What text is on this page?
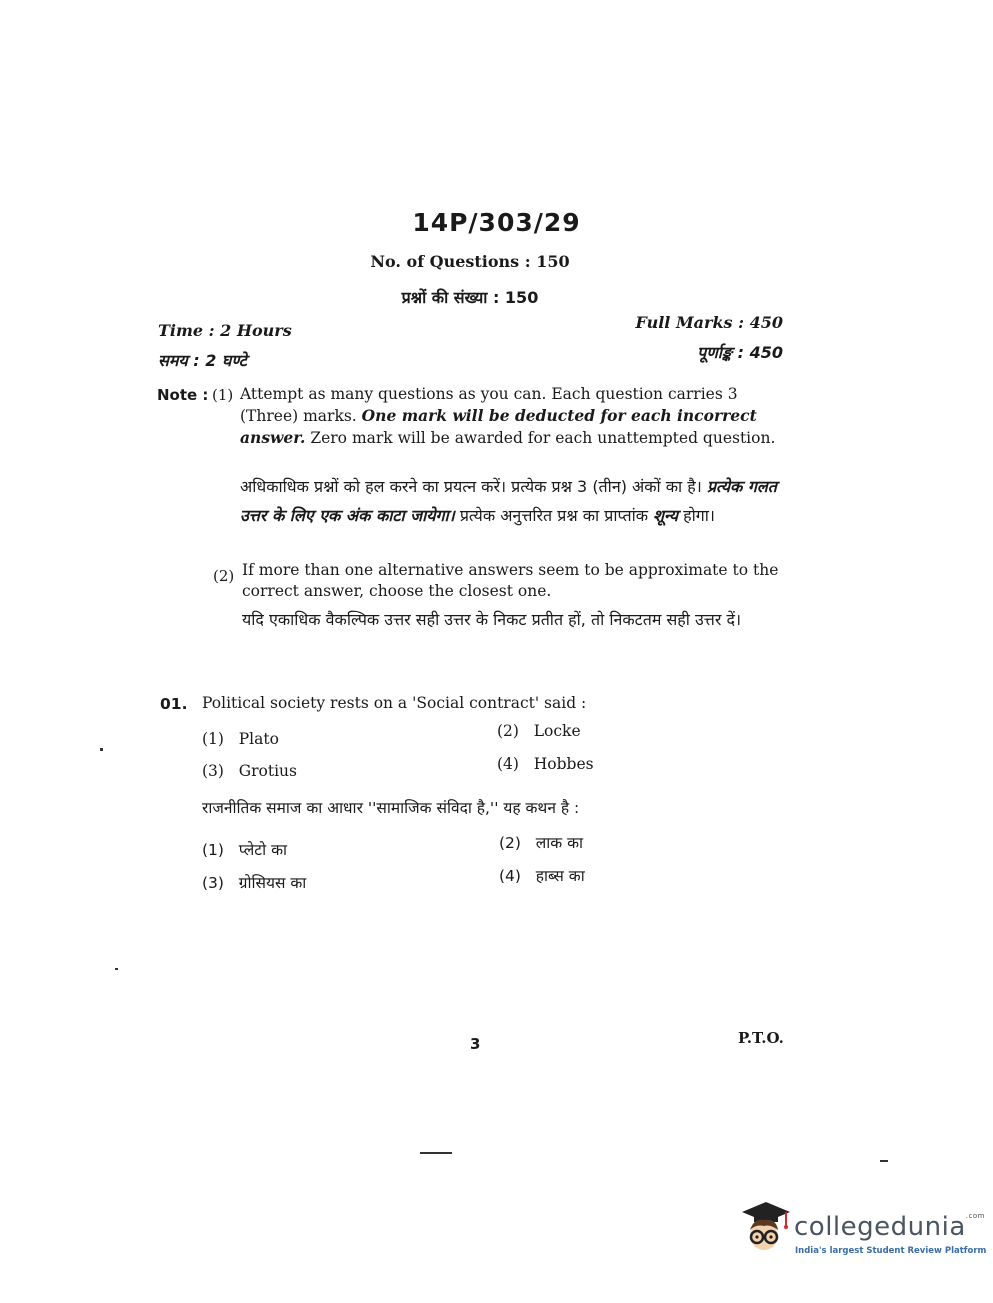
14P/303/29
No. of Questions : 150
प्रश्नों की संख्या : 150
Time : 2 Hours
समय : 2 घण्टे
Full Marks : 450
पूर्णाङ्क : 450
Note : (1) Attempt as many questions as you can. Each question carries 3 (Three) marks. One mark will be deducted for each incorrect answer. Zero mark will be awarded for each unattempted question.
अधिकाधिक प्रश्नों को हल करने का प्रयत्न करें। प्रत्येक प्रश्न 3 (तीन) अंकों का है। प्रत्येक गलत उत्तर के लिए एक अंक काटा जायेगा। प्रत्येक अनुत्तरित प्रश्न का प्राप्तांक शून्य होगा।
(2) If more than one alternative answers seem to be approximate to the correct answer, choose the closest one.
यदि एकाधिक वैकल्पिक उत्तर सही उत्तर के निकट प्रतीत हों, तो निकटतम सही उत्तर दें।
01. Political society rests on a 'Social contract' said :
(1) Plato	(2) Locke
(3) Grotius	(4) Hobbes
राजनीतिक समाज का आधार ''सामाजिक संविदा है,'' यह कथन है :
(1) प्लेटो का	(2) लाक का
(3) ग्रोसियस का	(4) हाब्स का
3	P.T.O.
collegedunia$^{.com}$
India's largest Student Review Platform
